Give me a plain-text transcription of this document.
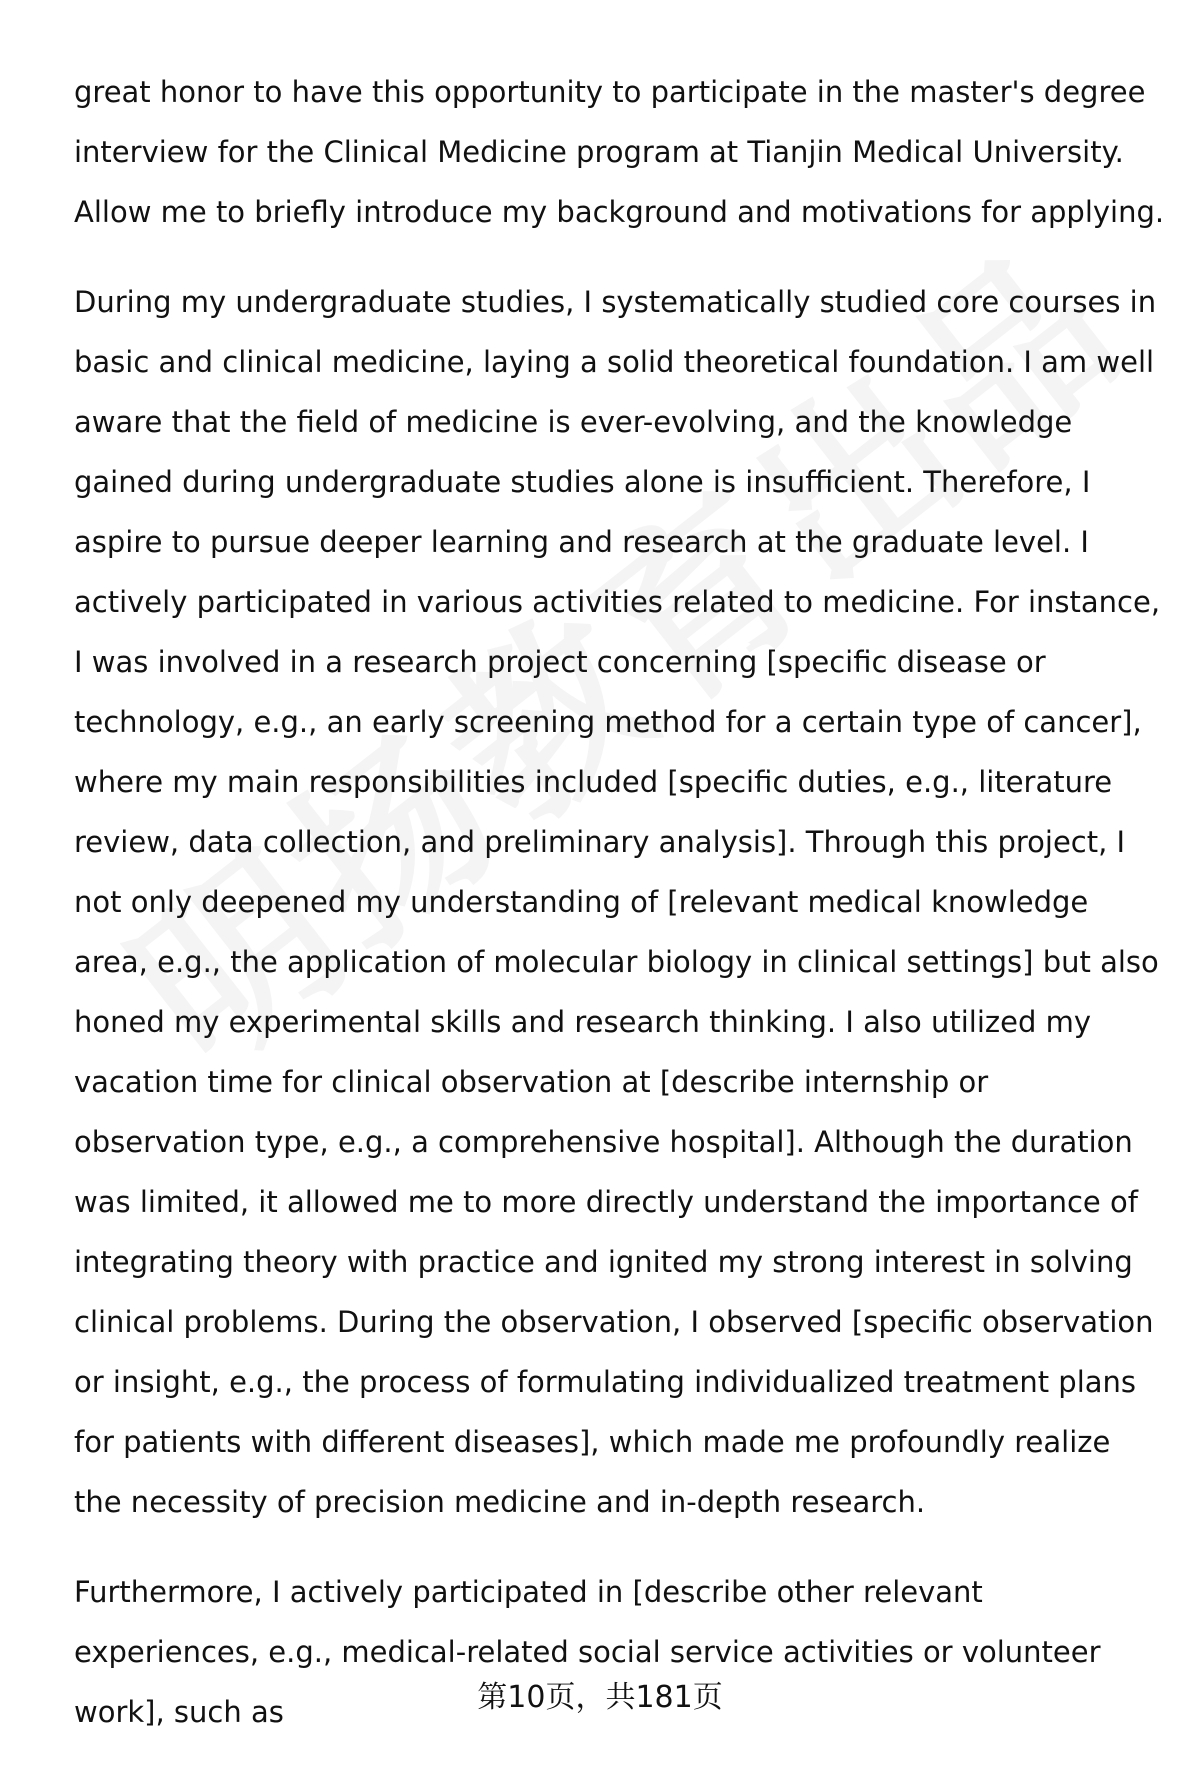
great honor to have this opportunity to participate in the master's degree interview for the Clinical Medicine program at Tianjin Medical University. Allow me to briefly introduce my background and motivations for applying.

During my undergraduate studies, I systematically studied core courses in basic and clinical medicine, laying a solid theoretical foundation. I am well aware that the field of medicine is ever-evolving, and the knowledge gained during undergraduate studies alone is insufficient. Therefore, I aspire to pursue deeper learning and research at the graduate level. I actively participated in various activities related to medicine. For instance, I was involved in a research project concerning [specific disease or technology, e.g., an early screening method for a certain type of cancer], where my main responsibilities included [specific duties, e.g., literature review, data collection, and preliminary analysis]. Through this project, I not only deepened my understanding of [relevant medical knowledge area, e.g., the application of molecular biology in clinical settings] but also honed my experimental skills and research thinking. I also utilized my vacation time for clinical observation at [describe internship or observation type, e.g., a comprehensive hospital]. Although the duration was limited, it allowed me to more directly understand the importance of integrating theory with practice and ignited my strong interest in solving clinical problems. During the observation, I observed [specific observation or insight, e.g., the process of formulating individualized treatment plans for patients with different diseases], which made me profoundly realize the necessity of precision medicine and in-depth research.

Furthermore, I actively participated in [describe other relevant experiences, e.g., medical-related social service activities or volunteer work], such as	第10页，共181页
